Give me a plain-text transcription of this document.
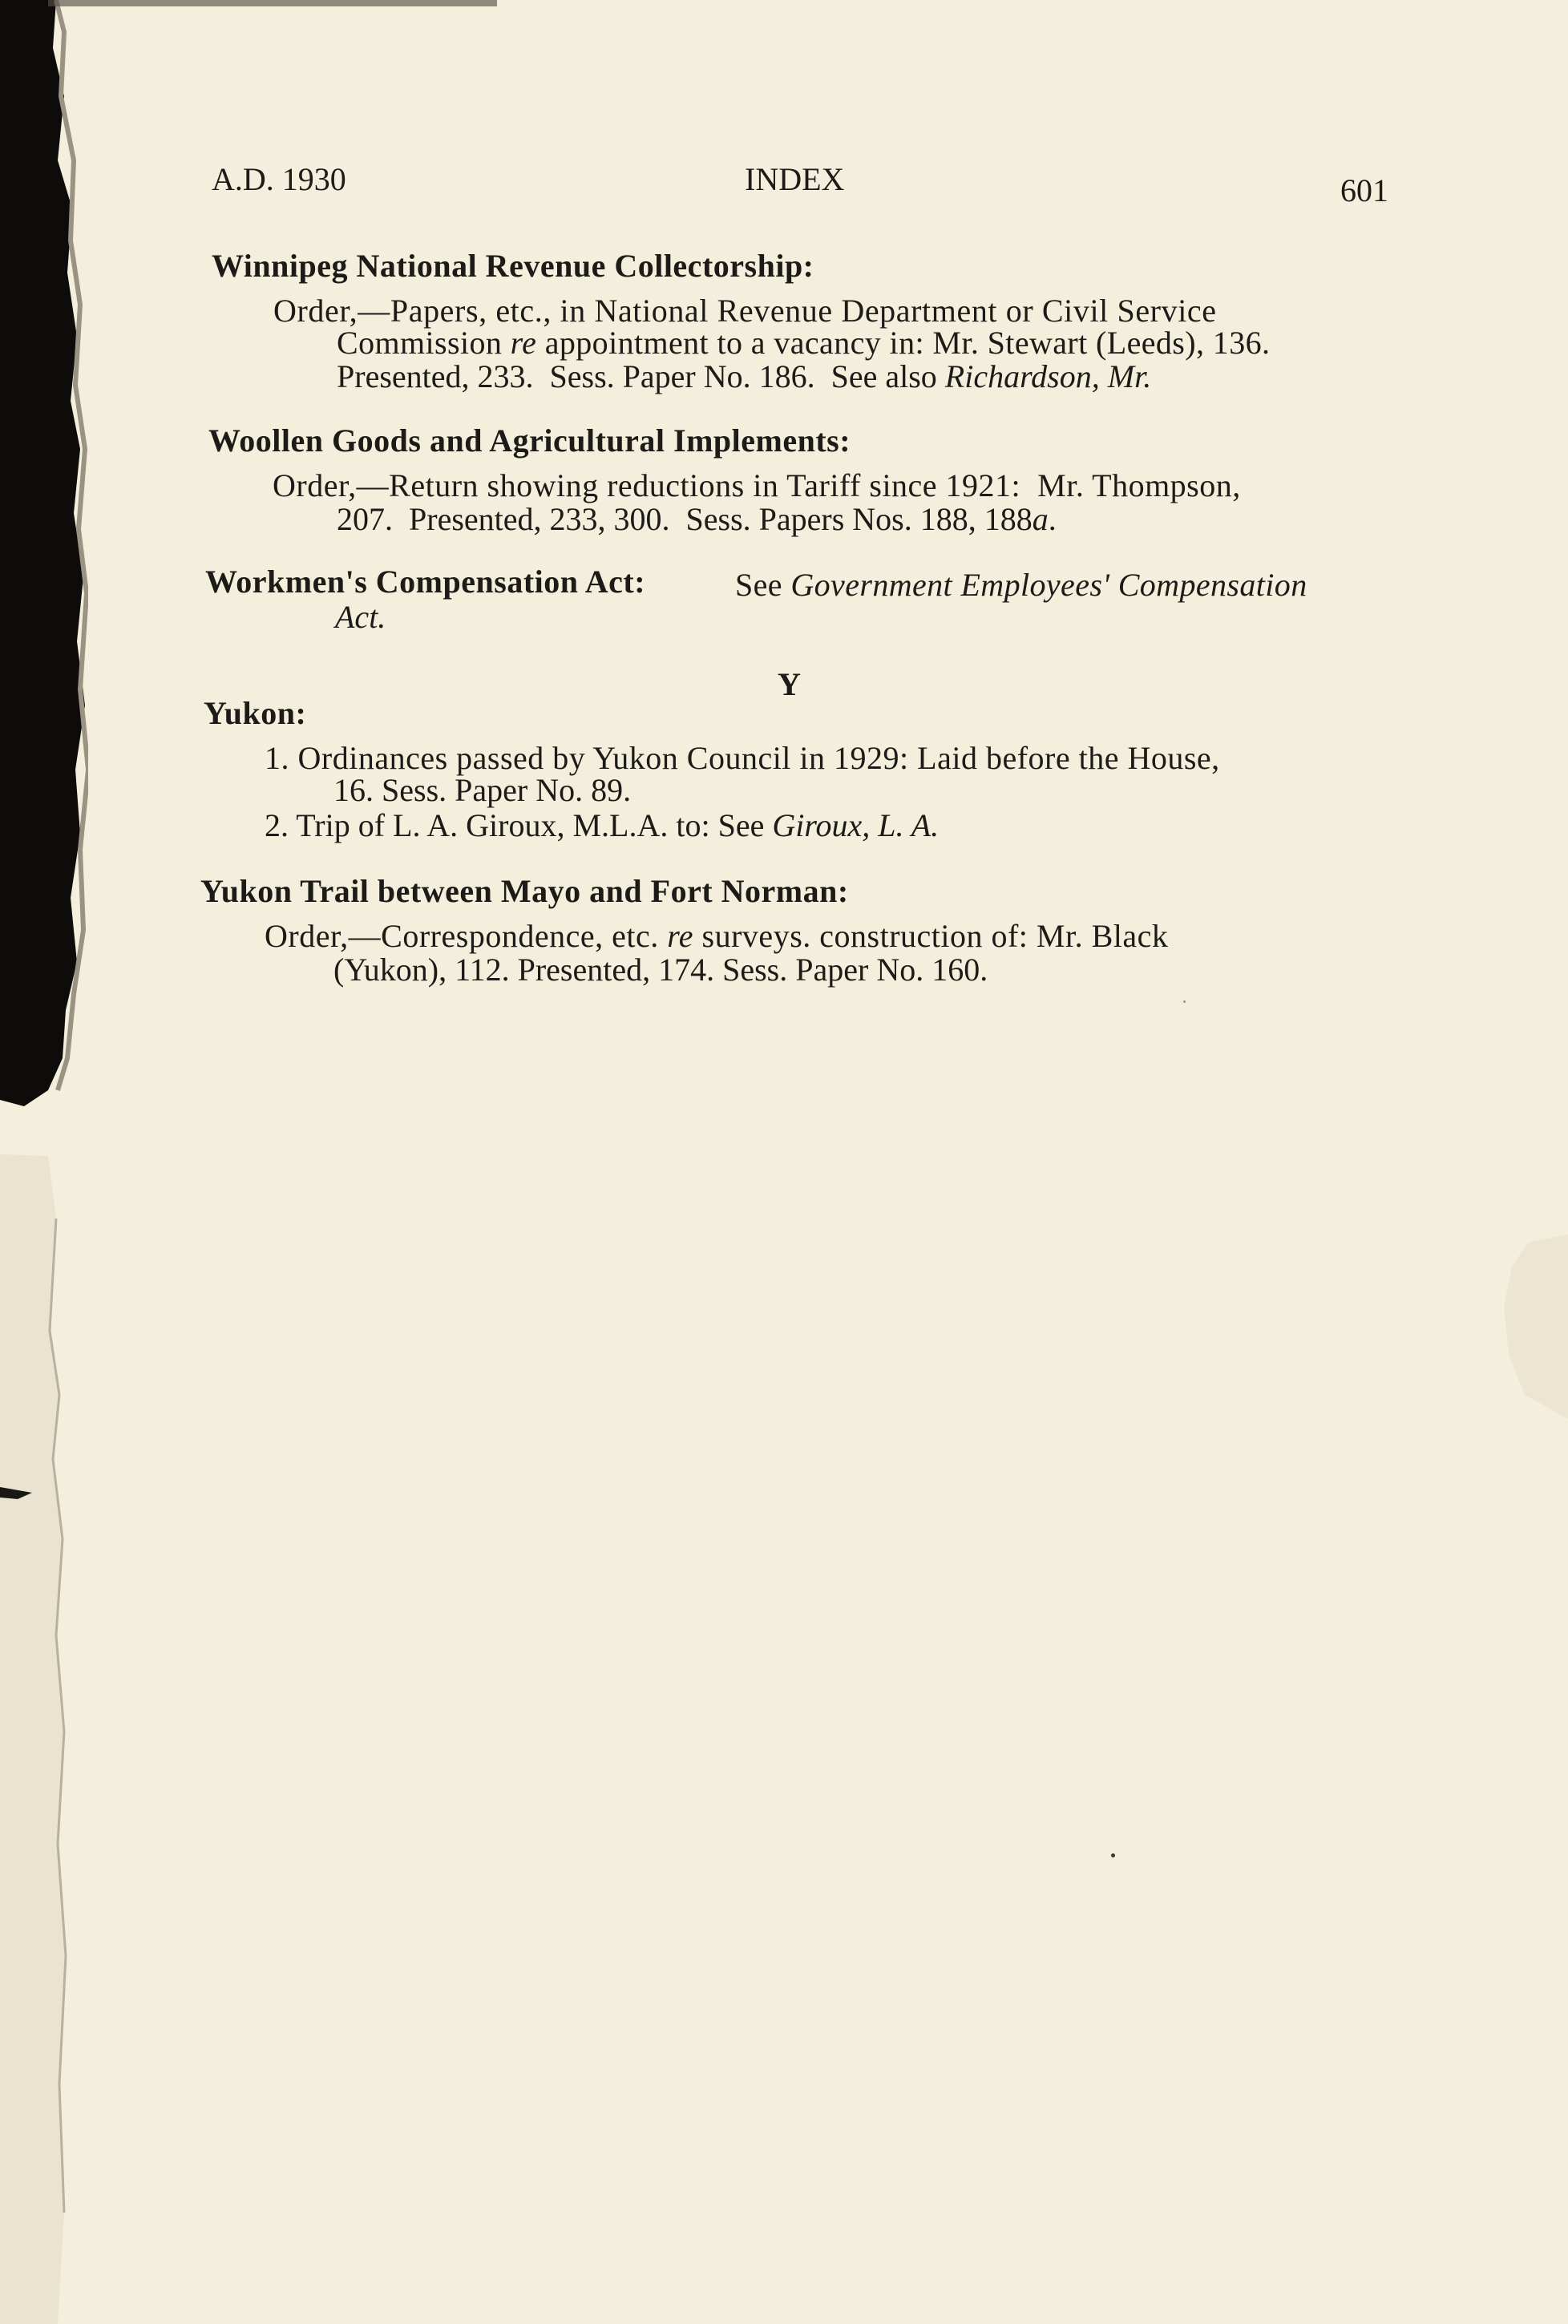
A.D. 1930	INDEX	601
Winnipeg National Revenue Collectorship:
Order,—Papers, etc., in National Revenue Department or Civil Service
Commission re appointment to a vacancy in: Mr. Stewart (Leeds), 136.
Presented, 233.  Sess. Paper No. 186.  See also Richardson, Mr.
Woollen Goods and Agricultural Implements:
Order,—Return showing reductions in Tariff since 1921:  Mr. Thompson,
207.  Presented, 233, 300.  Sess. Papers Nos. 188, 188a.
Workmen's Compensation Act:	See Government Employees' Compensation
Act.
Y
Yukon:
1. Ordinances passed by Yukon Council in 1929: Laid before the House,
16. Sess. Paper No. 89.
2. Trip of L. A. Giroux, M.L.A. to: See Giroux, L. A.
Yukon Trail between Mayo and Fort Norman:
Order,—Correspondence, etc. re surveys. construction of: Mr. Black
(Yukon), 112. Presented, 174. Sess. Paper No. 160.
